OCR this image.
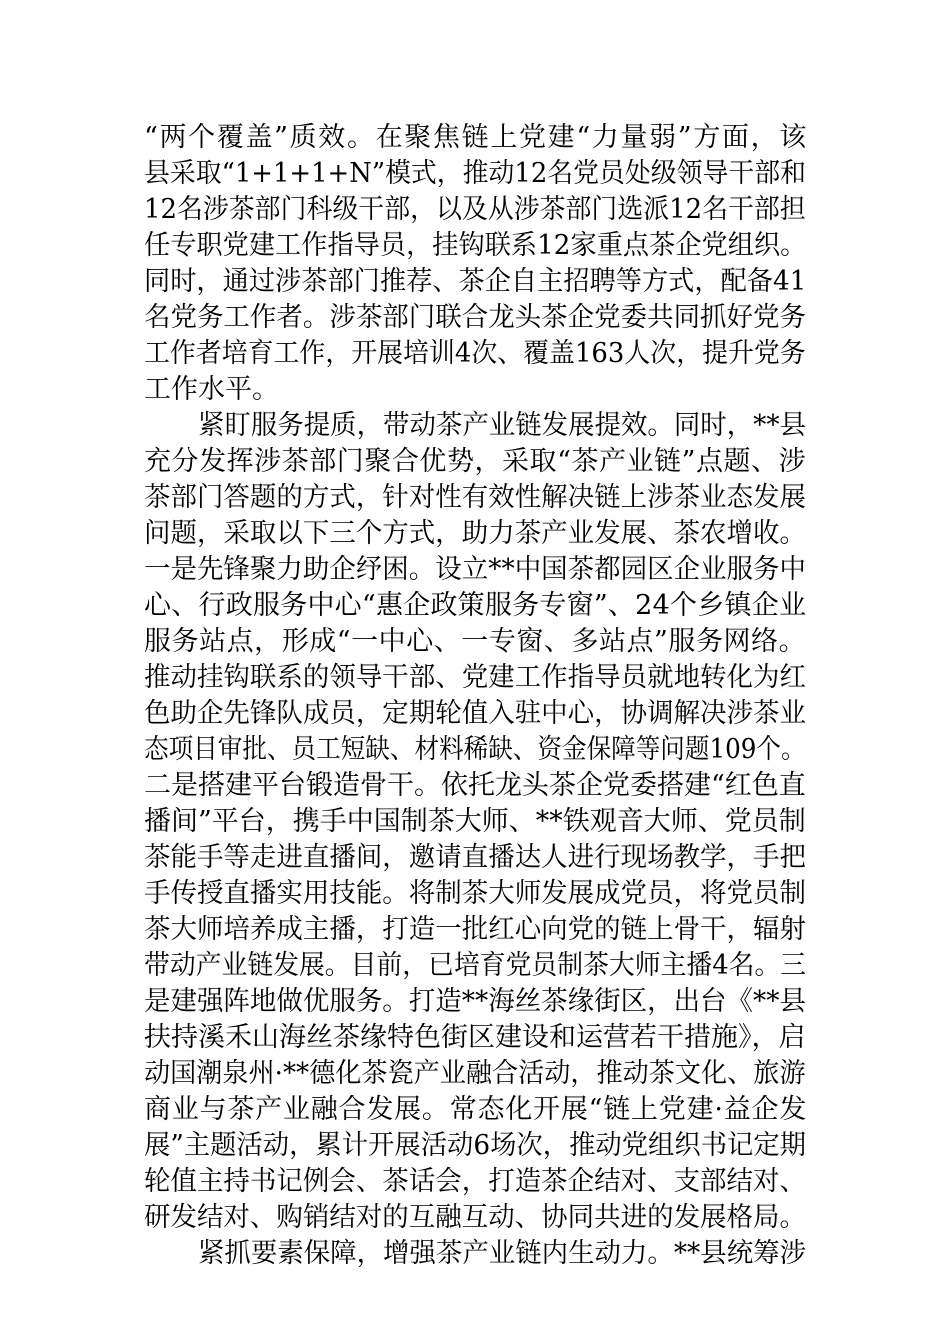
“两个覆盖”质效。在聚焦链上党建“力量弱”方面，该
县采取“1+1+1+N”模式，推动12名党员处级领导干部和
12名涉茶部门科级干部，以及从涉茶部门选派12名干部担
任专职党建工作指导员，挂钩联系12家重点茶企党组织。
同时，通过涉茶部门推荐、茶企自主招聘等方式，配备41
名党务工作者。涉茶部门联合龙头茶企党委共同抓好党务
工作者培育工作，开展培训4次、覆盖163人次，提升党务
工作水平。
紧盯服务提质，带动茶产业链发展提效。同时，**县
充分发挥涉茶部门聚合优势，采取“茶产业链”点题、涉
茶部门答题的方式，针对性有效性解决链上涉茶业态发展
问题，采取以下三个方式，助力茶产业发展、茶农增收。
一是先锋聚力助企纾困。设立**中国茶都园区企业服务中
心、行政服务中心“惠企政策服务专窗”、24个乡镇企业
服务站点，形成“一中心、一专窗、多站点”服务网络。
推动挂钩联系的领导干部、党建工作指导员就地转化为红
色助企先锋队成员，定期轮值入驻中心，协调解决涉茶业
态项目审批、员工短缺、材料稀缺、资金保障等问题109个。
二是搭建平台锻造骨干。依托龙头茶企党委搭建“红色直
播间”平台，携手中国制茶大师、**铁观音大师、党员制
茶能手等走进直播间，邀请直播达人进行现场教学，手把
手传授直播实用技能。将制茶大师发展成党员，将党员制
茶大师培养成主播，打造一批红心向党的链上骨干，辐射
带动产业链发展。目前，已培育党员制茶大师主播4名。三
是建强阵地做优服务。打造**海丝茶缘街区，出台《**县
扶持溪禾山海丝茶缘特色街区建设和运营若干措施》，启
动国潮泉州·**德化茶瓷产业融合活动，推动茶文化、旅游
商业与茶产业融合发展。常态化开展“链上党建·益企发
展”主题活动，累计开展活动6场次，推动党组织书记定期
轮值主持书记例会、茶话会，打造茶企结对、支部结对、
研发结对、购销结对的互融互动、协同共进的发展格局。
紧抓要素保障，增强茶产业链内生动力。**县统筹涉
